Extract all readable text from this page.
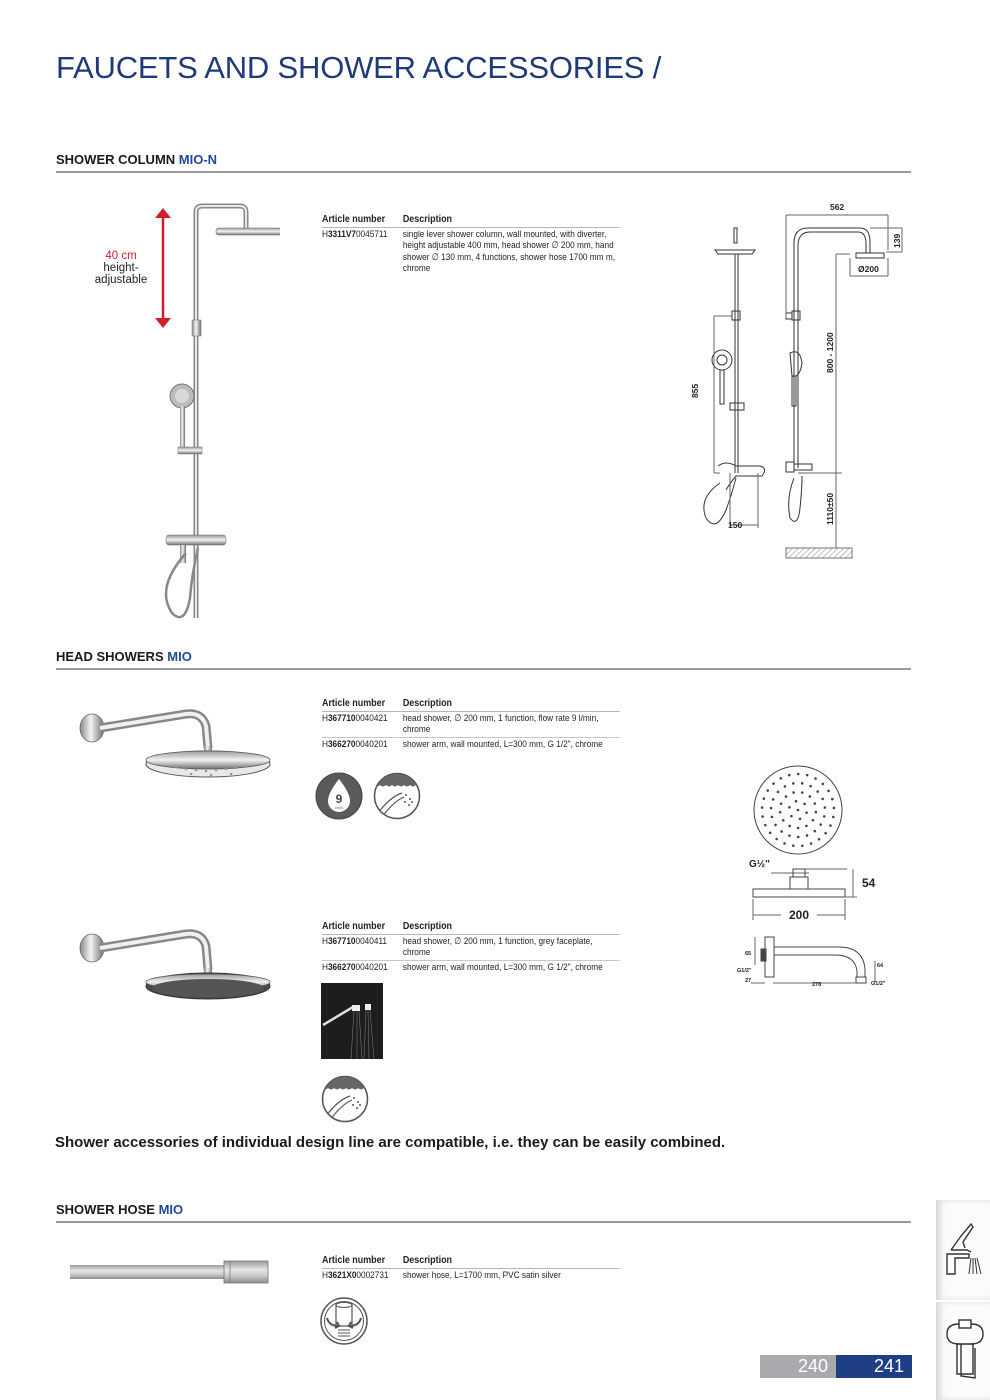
FAUCETS AND SHOWER ACCESSORIES /
SHOWER COLUMN MIO-N
40 cm
height-
adjustable
Article number	Description
H3311V70045711	single lever shower column, wall mounted, with diverter, height adjustable 400 mm, head shower ∅ 200 mm, hand shower ∅ 130 mm, 4 functions, shower hose 1700 mm m, chrome
562
139
Ø200
800 - 1200
1110±50
855
150
HEAD SHOWERS MIO
Article number	Description
H3677100040421	head shower, ∅ 200 mm, 1 function, flow rate 9 l/min, chrome
H3662700040201	shower arm, wall mounted, L=300 mm, G 1/2", chrome
9
l/min
Article number	Description
H3677100040411	head shower, ∅ 200 mm, 1 function, grey faceplate, chrome
H3662700040201	shower arm, wall mounted, L=300 mm, G 1/2", chrome
G½"
54
200
65
G1/2"
27
278
64
G1/2"
Shower accessories of individual design line are compatible, i.e. they can be easily combined.
SHOWER HOSE MIO
Article number	Description
H3621X00002731	shower hose, L=1700 mm, PVC satin silver
240	241
